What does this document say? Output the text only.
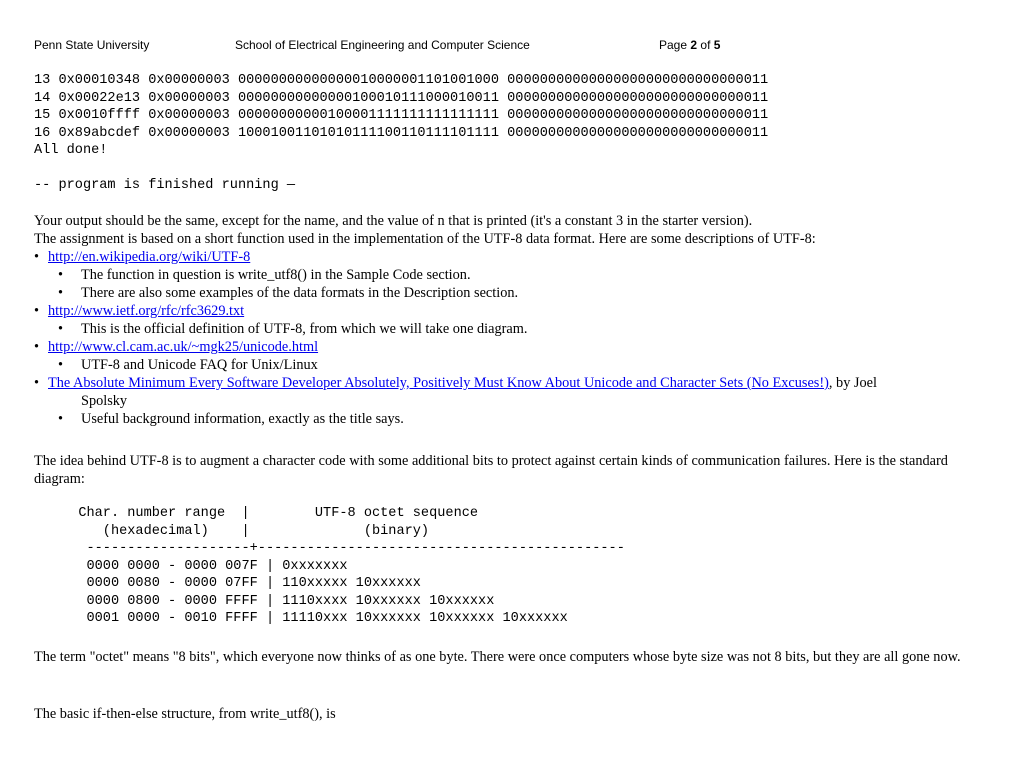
Penn State University	School of Electrical Engineering and Computer Science	Page 2 of 5
13 0x00010348 0x00000003 00000000000000010000001101001000 00000000000000000000000000000011
14 0x00022e13 0x00000003 00000000000000100010111000010011 00000000000000000000000000000011
15 0x0010ffff 0x00000003 00000000000100001111111111111111 00000000000000000000000000000011
16 0x89abcdef 0x00000003 10001001101010111100110111101111 00000000000000000000000000000011
All done!
-- program is finished running —

Your output should be the same, except for the name, and the value of n that is printed (it's a constant 3 in the starter version).

The assignment is based on a short function used in the implementation of the UTF-8 data format. Here are some descriptions of UTF-8:

• http://en.wikipedia.org/wiki/UTF-8
• The function in question is write_utf8() in the Sample Code section.
• There are also some examples of the data formats in the Description section.
• http://www.ietf.org/rfc/rfc3629.txt
• This is the official definition of UTF-8, from which we will take one diagram.
• http://www.cl.cam.ac.uk/~mgk25/unicode.html
• UTF-8 and Unicode FAQ for Unix/Linux
• The Absolute Minimum Every Software Developer Absolutely, Positively Must Know About Unicode and Character Sets (No Excuses!), by Joel
Spolsky
• Useful background information, exactly as the title says.

The idea behind UTF-8 is to augment a character code with some additional bits to protect against certain kinds of communication failures. Here is the standard diagram:

Char. number range  |        UTF-8 octet sequence
(hexadecimal)    |              (binary)
--------------------+---------------------------------------------
0000 0000 - 0000 007F | 0xxxxxxx
0000 0080 - 0000 07FF | 110xxxxx 10xxxxxx
0000 0800 - 0000 FFFF | 1110xxxx 10xxxxxx 10xxxxxx
0001 0000 - 0010 FFFF | 11110xxx 10xxxxxx 10xxxxxx 10xxxxxx

The term "octet" means "8 bits", which everyone now thinks of as one byte. There were once computers whose byte size was not 8 bits, but they are all gone now.

The basic if-then-else structure, from write_utf8(), is
